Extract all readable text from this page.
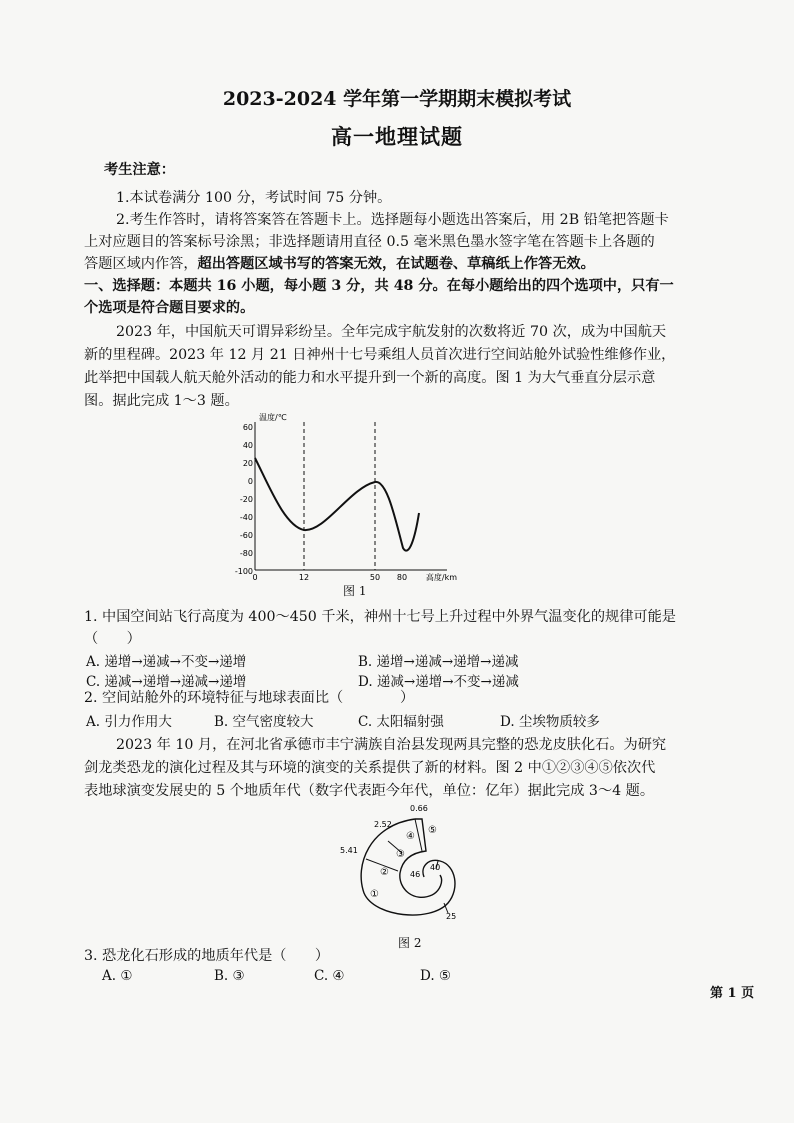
2023-2024 学年第一学期期末模拟考试
高一地理试题
考生注意：
1.本试卷满分 100 分，考试时间 75 分钟。
2.考生作答时，请将答案答在答题卡上。选择题每小题选出答案后，用 2B 铅笔把答题卡
上对应题目的答案标号涂黑；非选择题请用直径 0.5 毫米黑色墨水签字笔在答题卡上各题的
答题区域内作答，超出答题区域书写的答案无效，在试题卷、草稿纸上作答无效。
一、选择题：本题共 16 小题，每小题 3 分，共 48 分。在每小题给出的四个选项中，只有一
个选项是符合题目要求的。
2023 年，中国航天可谓异彩纷呈。全年完成宇航发射的次数将近 70 次，成为中国航天
新的里程碑。2023 年 12 月 21 日神州十七号乘组人员首次进行空间站舱外试验性维修作业，
此举把中国载人航天舱外活动的能力和水平提升到一个新的高度。图 1 为大气垂直分层示意
图。据此完成 1～3 题。
温度/℃
60
40
20
0
-20
-40
-60
-80
-100
0	12	50 80 高度/km
图 1
1. 中国空间站飞行高度为 400～450 千米，神州十七号上升过程中外界气温变化的规律可能是
（　　）
A. 递增→递减→不变→递增	B. 递增→递减→递增→递减
C. 递减→递增→递减→递增	D. 递减→递增→不变→递减
2. 空间站舱外的环境特征与地球表面比（　　　　）
A. 引力作用大	B. 空气密度较大	C. 太阳辐射强	D. 尘埃物质较多
2023 年 10 月，在河北省承德市丰宁满族自治县发现两具完整的恐龙皮肤化石。为研究
剑龙类恐龙的演化过程及其与环境的演变的关系提供了新的材料。图 2 中①②③④⑤依次代
表地球演变发展史的 5 个地质年代（数字代表距今年代，单位：亿年）据此完成 3～4 题。
0.66
2.52
5.41
46
40
25
①
③
④
⑤
②
图 2
3. 恐龙化石形成的地质年代是（　　）
A. ①	B. ③	C. ④	D. ⑤
第 1 页
